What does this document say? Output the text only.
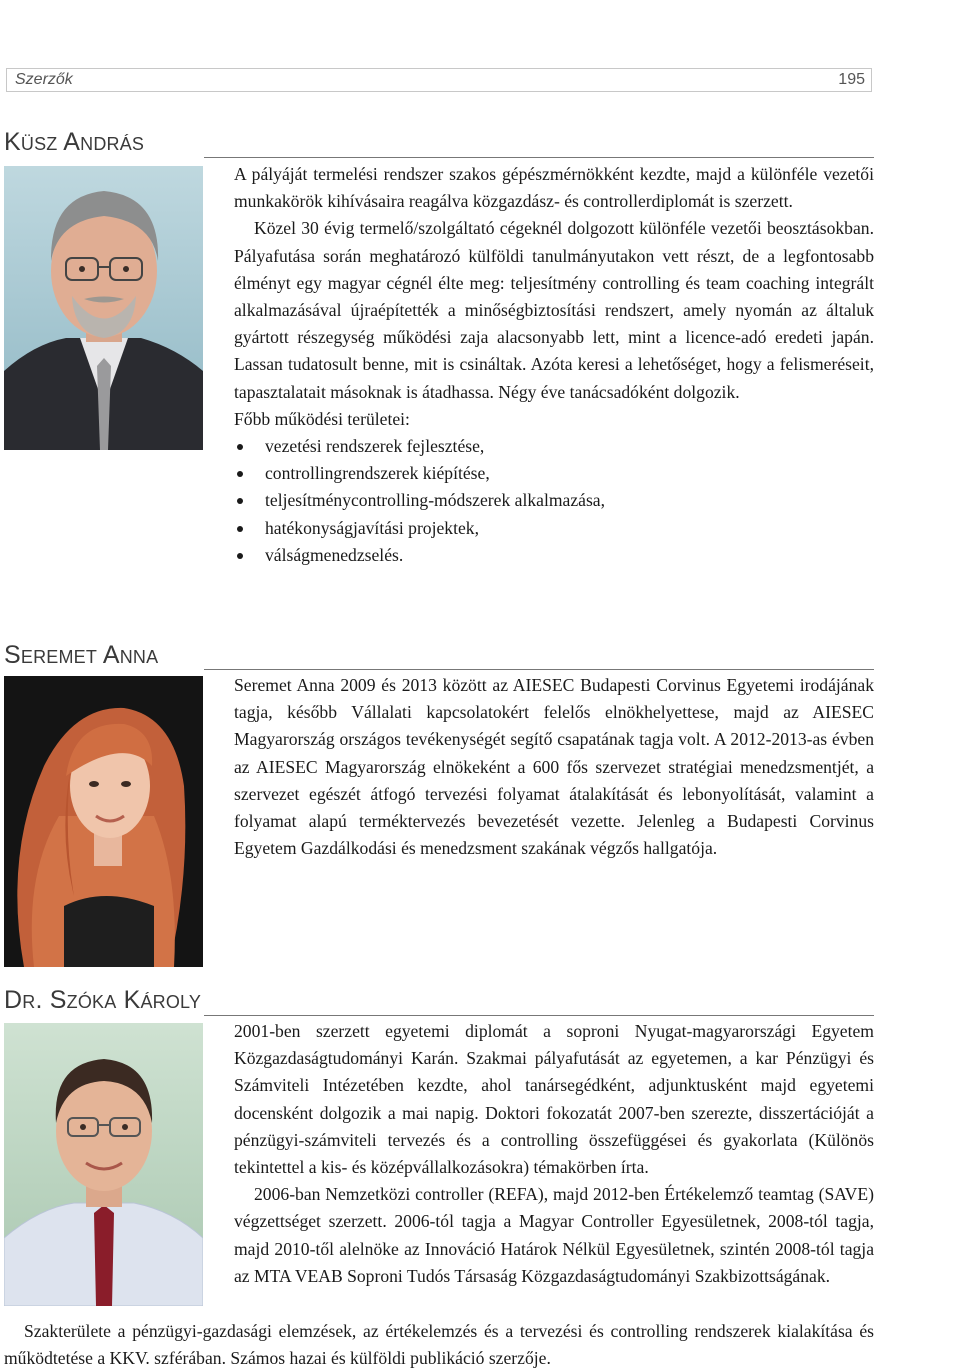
Szerzők	195
Küsz András

A pályáját termelési rendszer szakos gépészmérnökként kezdte, majd a különféle vezetői munkakörök kihívásaira reagálva közgazdász- és controllerdiplomát is szerzett.

Közel 30 évig termelő/szolgáltató cégeknél dolgozott különféle vezetői beosztásokban. Pályafutása során meghatározó külföldi tanulmányutakon vett részt, de a legfontosabb élményt egy magyar cégnél élte meg: teljesítmény controlling és team coaching integrált alkalmazásával újraépítették a minőségbiztosítási rendszert, amely nyomán az általuk gyártott részegység működési zaja alacsonyabb lett, mint a licence-adó eredeti japán. Lassan tudatosult benne, mit is csináltak. Azóta keresi a lehetőséget, hogy a felismeréseit, tapasztalatait másoknak is átadhassa. Négy éve tanácsadóként dolgozik.

Főbb működési területei:

vezetési rendszerek fejlesztése,
controllingrendszerek kiépítése,
teljesítménycontrolling-módszerek alkalmazása,
hatékonyságjavítási projektek,
válságmenedzselés.
Seremet Anna

Seremet Anna 2009 és 2013 között az AIESEC Budapesti Corvinus Egyetemi irodájának tagja, később Vállalati kapcsolatokért felelős elnökhelyettese, majd az AIESEC Magyarország országos tevékenységét segítő csapatának tagja volt. A 2012-2013-as évben az AIESEC Magyarország elnökeként a 600 fős szervezet stratégiai menedzsmentjét, a szervezet egészét átfogó tervezési folyamat átalakítását és lebonyolítását, valamint a folyamat alapú terméktervezés bevezetését vezette. Jelenleg a Budapesti Corvinus Egyetem Gazdálkodási és menedzsment szakának végzős hallgatója.

Dr. Szóka Károly

2001-ben szerzett egyetemi diplomát a soproni Nyugat-magyarországi Egyetem Közgazdaságtudományi Karán. Szakmai pályafutását az egyetemen, a kar Pénzügyi és Számviteli Intézetében kezdte, ahol tanársegédként, adjunktusként majd egyetemi docensként dolgozik a mai napig. Doktori fokozatát 2007-ben szerezte, disszertációját a pénzügyi-számviteli tervezés és a controlling összefüggései és gyakorlata (Különös tekintettel a kis- és középvállalkozásokra) témakörben írta.

2006-ban Nemzetközi controller (REFA), majd 2012-ben Értékelemző teamtag (SAVE) végzettséget szerzett. 2006-tól tagja a Magyar Controller Egyesületnek, 2008-tól tagja, majd 2010-től alelnöke az Innováció Határok Nélkül Egyesületnek, szintén 2008-tól tagja az MTA VEAB Soproni Tudós Társaság Közgazdaságtudományi Szakbizottságának.

Szakterülete a pénzügyi-gazdasági elemzések, az értékelemzés és a tervezési és controlling rendszerek kialakítása és működtetése a KKV. szférában. Számos hazai és külföldi publikáció szerzője.
